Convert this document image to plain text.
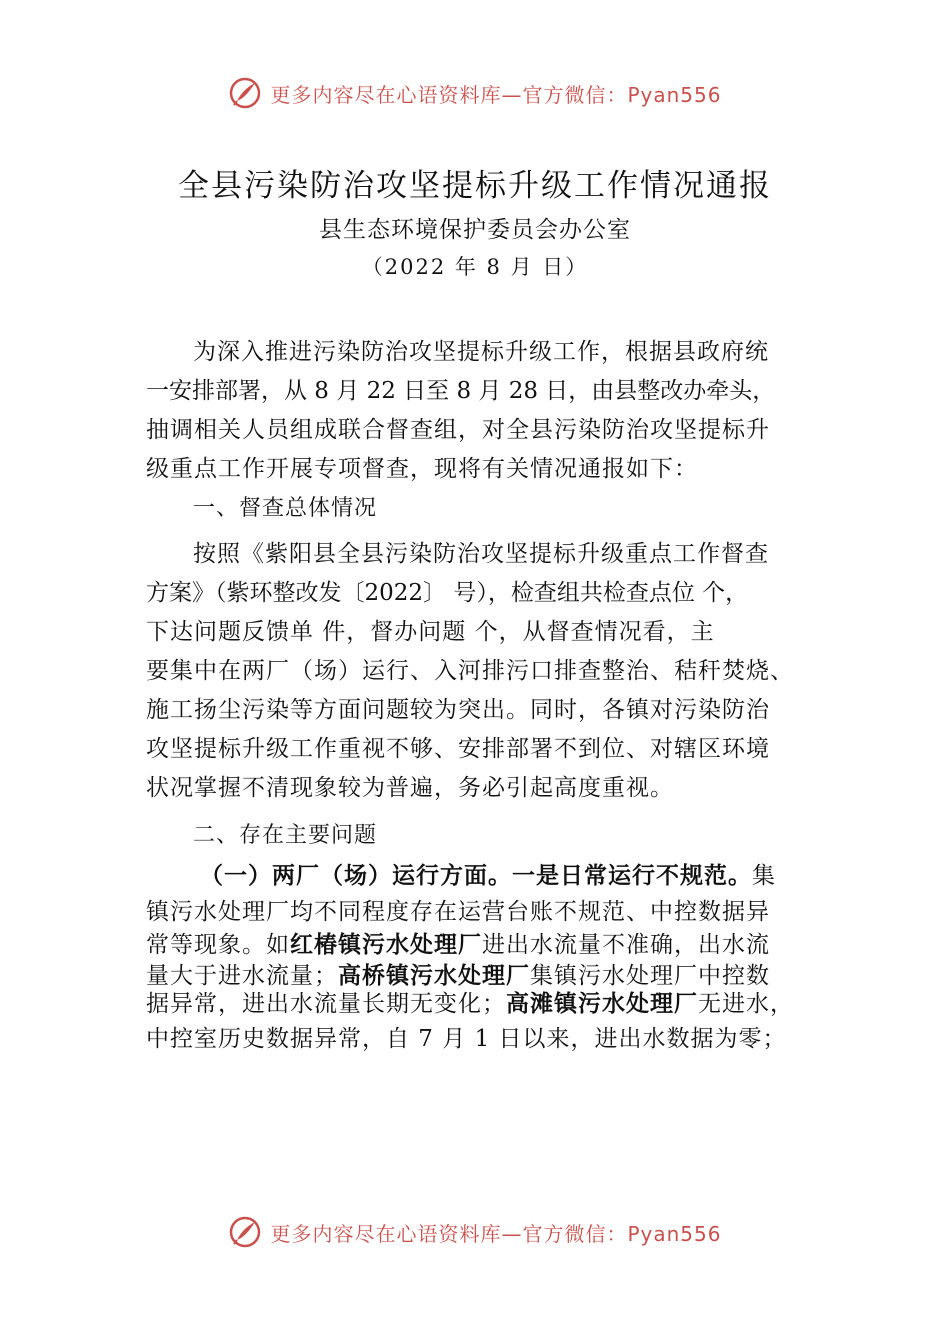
更多内容尽在心语资料库—官方微信：Pyan556
全县污染防治攻坚提标升级工作情况通报
县生态环境保护委员会办公室
（2022 年 8 月 日）
为深入推进污染防治攻坚提标升级工作，根据县政府统
一安排部署，从 8 月 22 日至 8 月 28 日，由县整改办牵头，
抽调相关人员组成联合督查组，对全县污染防治攻坚提标升
级重点工作开展专项督查，现将有关情况通报如下：
一、督查总体情况
按照《紫阳县全县污染防治攻坚提标升级重点工作督查
方案》（紫环整改发〔2022〕 号），检查组共检查点位 个，
下达问题反馈单 件，督办问题 个，从督查情况看，主
要集中在两厂（场）运行、入河排污口排查整治、秸秆焚烧、
施工扬尘污染等方面问题较为突出。同时，各镇对污染防治
攻坚提标升级工作重视不够、安排部署不到位、对辖区环境
状况掌握不清现象较为普遍，务必引起高度重视。
二、存在主要问题
（一）两厂（场）运行方面。一是日常运行不规范。集
镇污水处理厂均不同程度存在运营台账不规范、中控数据异
常等现象。如红椿镇污水处理厂进出水流量不准确，出水流
量大于进水流量；高桥镇污水处理厂集镇污水处理厂中控数
据异常，进出水流量长期无变化；高滩镇污水处理厂无进水，
中控室历史数据异常，自 7 月 1 日以来，进出水数据为零；
更多内容尽在心语资料库—官方微信：Pyan556
